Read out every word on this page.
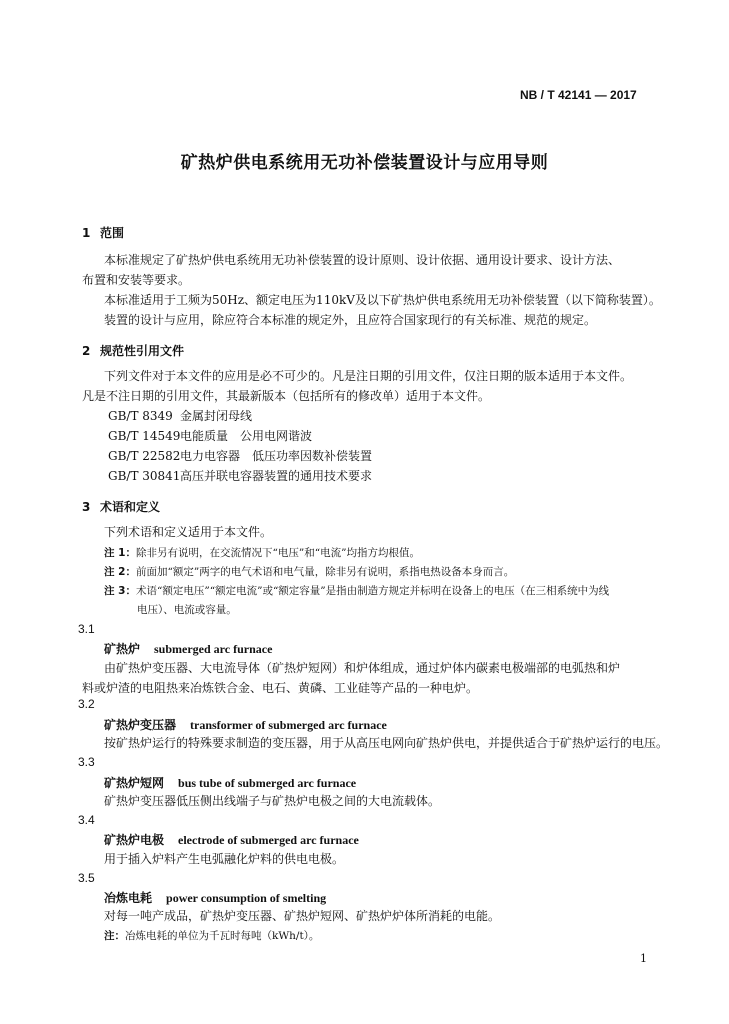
NB / T 42141 — 2017
矿热炉供电系统用无功补偿装置设计与应用导则
1 范围
本标准规定了矿热炉供电系统用无功补偿装置的设计原则、设计依据、通用设计要求、设计方法、
布置和安装等要求。
本标准适用于工频为50Hz、额定电压为110kV及以下矿热炉供电系统用无功补偿装置（以下简称装置）。
装置的设计与应用，除应符合本标准的规定外，且应符合国家现行的有关标准、规范的规定。
2 规范性引用文件
下列文件对于本文件的应用是必不可少的。凡是注日期的引用文件，仅注日期的版本适用于本文件。
凡是不注日期的引用文件，其最新版本（包括所有的修改单）适用于本文件。
GB/T 8349 金属封闭母线
GB/T 14549电能质量　公用电网谐波
GB/T 22582电力电容器　低压功率因数补偿装置
GB/T 30841高压并联电容器装置的通用技术要求
3 术语和定义
下列术语和定义适用于本文件。
注 1：除非另有说明，在交流情况下“电压”和“电流”均指方均根值。
注 2：前面加“额定”两字的电气术语和电气量，除非另有说明，系指电热设备本身而言。
注 3：术语“额定电压”“额定电流”或“额定容量”是指由制造方规定并标明在设备上的电压（在三相系统中为线
电压）、电流或容量。
3.1
矿热炉 submerged arc furnace
由矿热炉变压器、大电流导体（矿热炉短网）和炉体组成，通过炉体内碳素电极端部的电弧热和炉
料或炉渣的电阻热来冶炼铁合金、电石、黄磷、工业硅等产品的一种电炉。
3.2
矿热炉变压器 transformer of submerged arc furnace
按矿热炉运行的特殊要求制造的变压器，用于从高压电网向矿热炉供电，并提供适合于矿热炉运行的电压。
3.3
矿热炉短网 bus tube of submerged arc furnace
矿热炉变压器低压侧出线端子与矿热炉电极之间的大电流载体。
3.4
矿热炉电极 electrode of submerged arc furnace
用于插入炉料产生电弧融化炉料的供电电极。
3.5
冶炼电耗 power consumption of smelting
对每一吨产成品，矿热炉变压器、矿热炉短网、矿热炉炉体所消耗的电能。
注：冶炼电耗的单位为千瓦时每吨（kWh/t）。
1
